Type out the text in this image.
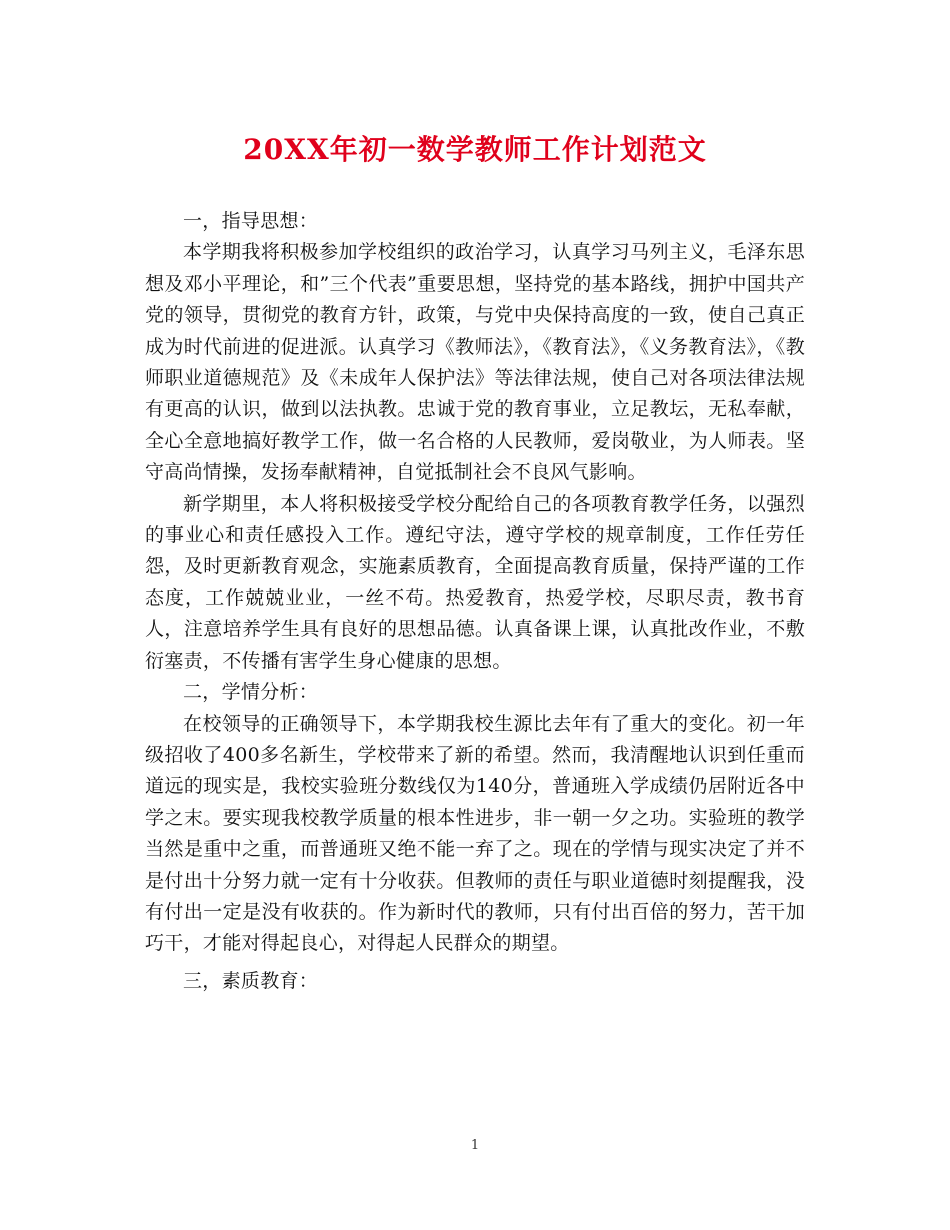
20XX年初一数学教师工作计划范文

一，指导思想：

本学期我将积极参加学校组织的政治学习，认真学习马列主义，毛泽东思想及邓小平理论，和”三个代表”重要思想，坚持党的基本路线，拥护中国共产党的领导，贯彻党的教育方针，政策，与党中央保持高度的一致，使自己真正成为时代前进的促进派。认真学习《教师法》，《教育法》，《义务教育法》，《教师职业道德规范》及《未成年人保护法》等法律法规，使自己对各项法律法规有更高的认识，做到以法执教。忠诚于党的教育事业，立足教坛，无私奉献，全心全意地搞好教学工作，做一名合格的人民教师，爱岗敬业，为人师表。坚守高尚情操，发扬奉献精神，自觉抵制社会不良风气影响。

新学期里，本人将积极接受学校分配给自己的各项教育教学任务，以强烈的事业心和责任感投入工作。遵纪守法，遵守学校的规章制度，工作任劳任怨，及时更新教育观念，实施素质教育，全面提高教育质量，保持严谨的工作态度，工作兢兢业业，一丝不苟。热爱教育，热爱学校，尽职尽责，教书育人，注意培养学生具有良好的思想品德。认真备课上课，认真批改作业，不敷衍塞责，不传播有害学生身心健康的思想。

二，学情分析：

在校领导的正确领导下，本学期我校生源比去年有了重大的变化。初一年级招收了400多名新生，学校带来了新的希望。然而，我清醒地认识到任重而道远的现实是，我校实验班分数线仅为140分，普通班入学成绩仍居附近各中学之末。要实现我校教学质量的根本性进步，非一朝一夕之功。实验班的教学当然是重中之重，而普通班又绝不能一弃了之。现在的学情与现实决定了并不是付出十分努力就一定有十分收获。但教师的责任与职业道德时刻提醒我，没有付出一定是没有收获的。作为新时代的教师，只有付出百倍的努力，苦干加巧干，才能对得起良心，对得起人民群众的期望。

三，素质教育：

1
